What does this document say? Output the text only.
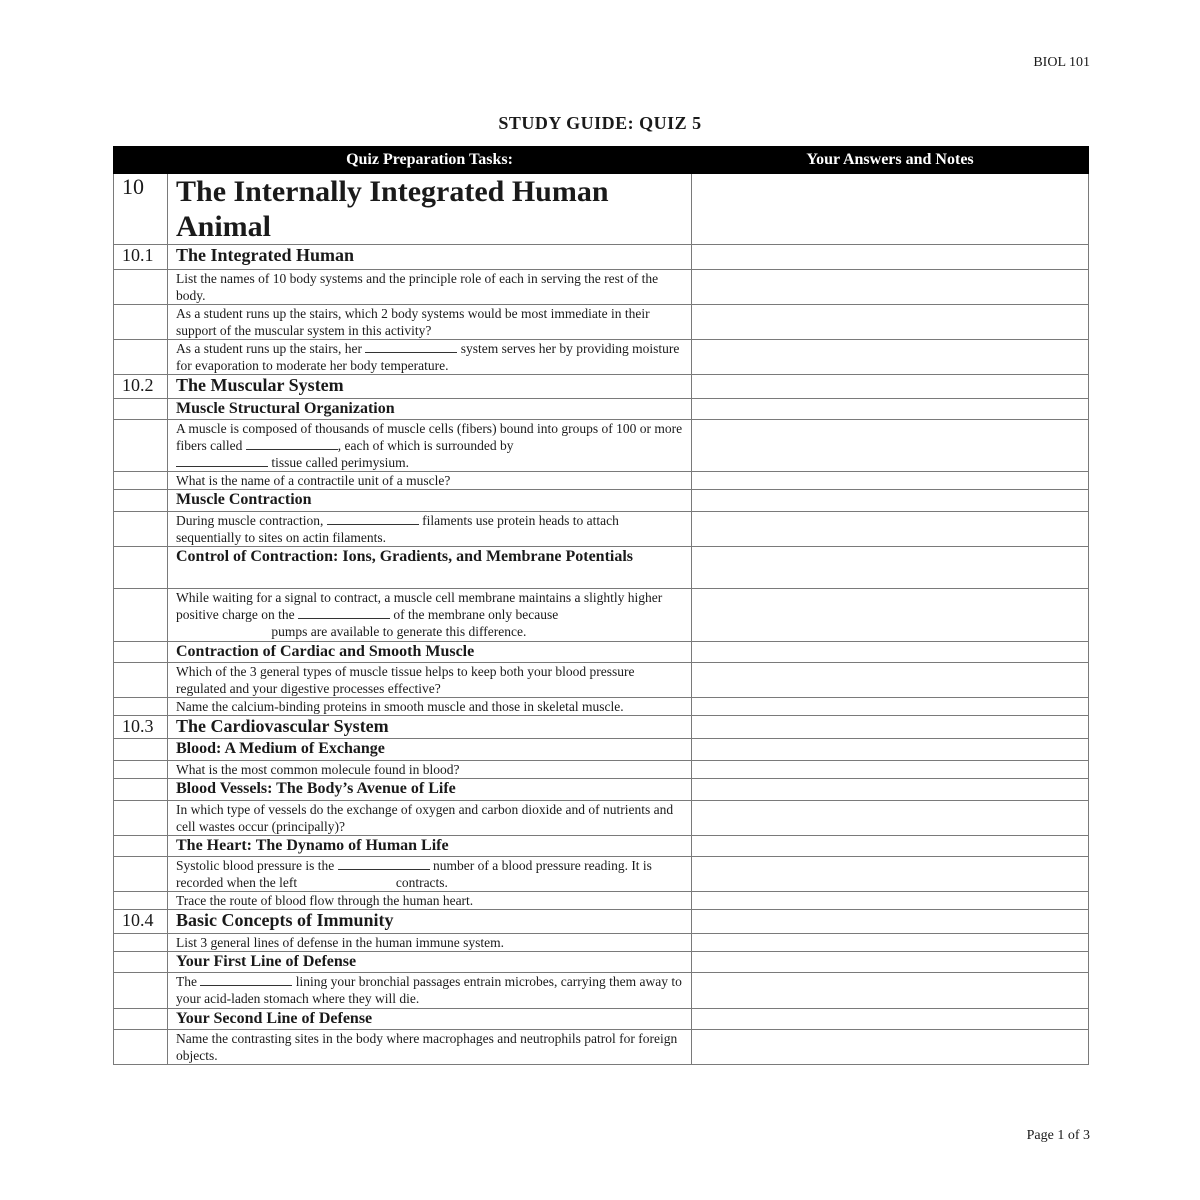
BIOL 101
STUDY GUIDE: QUIZ 5
	Quiz Preparation Tasks:	Your Answers and Notes
10	The Internally Integrated Human Animal	
10.1	The Integrated Human	
	List the names of 10 body systems and the principle role of each in serving the rest of the body.	
	As a student runs up the stairs, which 2 body systems would be most immediate in their support of the muscular system in this activity?	
	As a student runs up the stairs, her system serves her by providing moisture for evaporation to moderate her body temperature.	
10.2	The Muscular System	
	Muscle Structural Organization	
	A muscle is composed of thousands of muscle cells (fibers) bound into groups of 100 or more fibers called , each of which is surrounded by
tissue called perimysium.	
	What is the name of a contractile unit of a muscle?	
	Muscle Contraction	
	During muscle contraction, filaments use protein heads to attach sequentially to sites on actin filaments.	
	Control of Contraction: Ions, Gradients, and Membrane Potentials	
	While waiting for a signal to contract, a muscle cell membrane maintains a slightly higher positive charge on the of the membrane only because
pumps are available to generate this difference.	
	Contraction of Cardiac and Smooth Muscle	
	Which of the 3 general types of muscle tissue helps to keep both your blood pressure regulated and your digestive processes effective?	
	Name the calcium-binding proteins in smooth muscle and those in skeletal muscle.	
10.3	The Cardiovascular System	
	Blood: A Medium of Exchange	
	What is the most common molecule found in blood?	
	Blood Vessels: The Body’s Avenue of Life	
	In which type of vessels do the exchange of oxygen and carbon dioxide and of nutrients and cell wastes occur (principally)?	
	The Heart: The Dynamo of Human Life	
	Systolic blood pressure is the number of a blood pressure reading. It is recorded when the left contracts.	
	Trace the route of blood flow through the human heart.	
10.4	Basic Concepts of Immunity	
	List 3 general lines of defense in the human immune system.	
	Your First Line of Defense	
	The lining your bronchial passages entrain microbes, carrying them away to your acid-laden stomach where they will die.	
	Your Second Line of Defense	
	Name the contrasting sites in the body where macrophages and neutrophils patrol for foreign objects.	
Page 1 of 3
